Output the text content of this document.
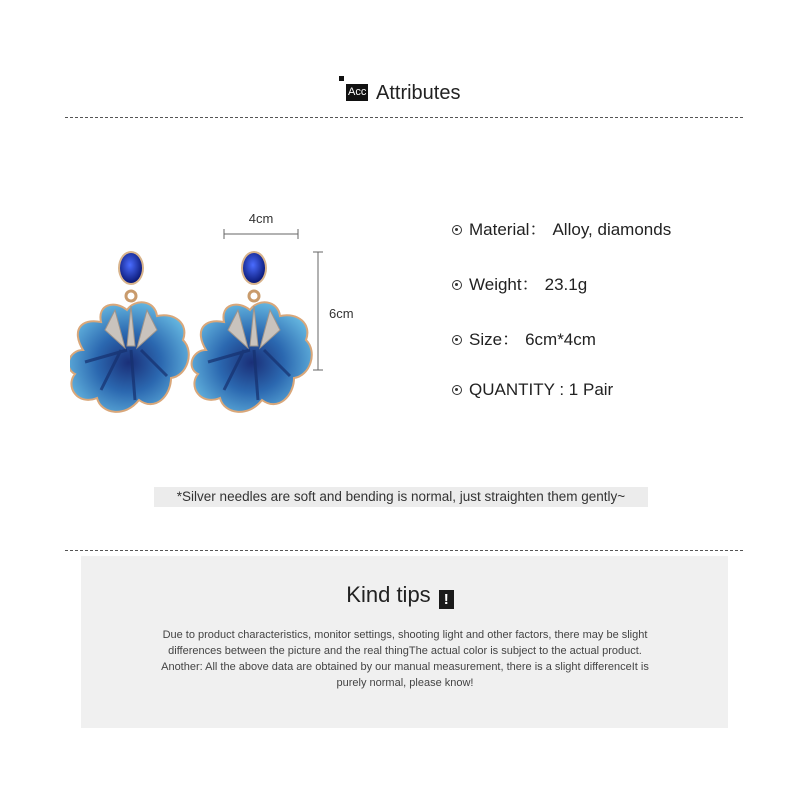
Acc Attributes
4cm
6cm
Material： Alloy, diamonds
Weight： 23.1g
Size： 6cm*4cm
QUANTITY : 1 Pair
*Silver needles are soft and bending is normal, just straighten them gently~
Kind tips !

Due to product characteristics, monitor settings, shooting light and other factors, there may be slight

differences between the picture and the real thingThe actual color is subject to the actual product.

Another: All the above data are obtained by our manual measurement, there is a slight differenceIt is

purely normal, please know!
